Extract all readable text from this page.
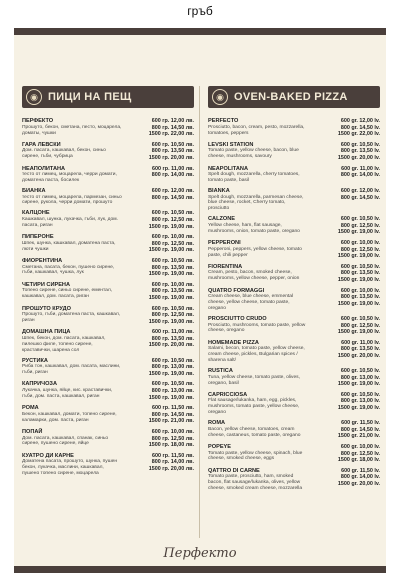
гръб
◉ ПИЦИ НА ПЕЩ
ПЕРФЕКТО
Прошуто, бекон, сметана, песто, моцарела, доматы, чушки
600 гр. 12,00 лв.
800 гр. 14,50 лв.
1500 гр. 22,00 лв.
ГАРА ЛЕВСКИ
Дом. пасата, кашкавал, бекон, синьо сирене, гъби, чубрица
600 гр. 10,50 лв.
800 гр. 13,50 лв.
1500 гр. 20,00 лв.
НЕАПОЛИТАНА
тесто от лимец, моцарела, черри домати, доматена паста, босилек
600 гр. 11,00 лв.
800 гр. 14,00 лв.
БИАНКА
тесто от лимец, моцарела, пармезан, синьо сирене, рукола, черри домати, прошуто
600 гр. 12,00 лв.
800 гр. 14,50 лв.
КАЛЦОНЕ
Кашкавал, шунка, лукачка, гъби, лук, дом. пасата, риган
600 гр. 10,50 лв.
800 гр. 12,50 лв.
1500 гр. 19,00 лв.
ПИПЕРОНЕ
Шпек, шунка, кашкавал, доматена паста, люти чушки
600 гр. 10,00 лв.
800 гр. 12,50 лв.
1500 гр. 19,00 лв.
ФИОРЕНТИНА
Сметана, пасата, бекон, пушено сирене, гъби, кашкавал, чушка, лук
600 гр. 10,50 лв.
800 гр. 13,50 лв.
1500 гр. 19,00 лв.
ЧЕТИРИ СИРЕНА
Топено сирене, синьо сирене, ементал, кашкавал, дом. пасата, риган
600 гр. 10,00 лв.
800 гр. 13,50 лв.
1500 гр. 19,00 лв.
ПРОШУТО КРУДО
Прошуто, гъби, доматена паста, кашкавал, риган
600 гр. 10,50 лв.
800 гр. 12,50 лв.
1500 гр. 19,00 лв.
ДОМАШНА ПИЦА
Шпек, бекон, дом. пасата, кашкавал, пилешко филе, топено сирене, краставички, шарена сол
600 гр. 11,00 лв.
800 гр. 13,50 лв.
1500 гр. 20,00 лв.
РУСТИКА
Риба тон, кашкавал, дом. пасата, маслини, гъби, риган
600 гр. 10,50 лв.
800 гр. 13,00 лв.
1500 гр. 19,00 лв.
КАПРИЧОЗА
Лукачка, шунка, яйце, кис. краставички, гъби, дом. паста, кашкавал, риган
600 гр. 10,50 лв.
800 гр. 13,00 лв.
1500 гр. 19,00 лв.
РОМА
Бекон, кашкавал, домати, топено сирене, каламарки, дом. паста, риган
600 гр. 11,50 лв.
800 гр. 14,50 лв.
1500 гр. 21,00 лв.
ПОПАЙ
Дом. пасата, кашкавал, спанак, синьо сирене, пушено сирене, яйце
600 гр. 10,00 лв.
800 гр. 12,50 лв.
1500 гр. 18,00 лв.
КУАТРО ДИ КАРНЕ
Доматена пасата, прошуто, шунка, пушен бекон, лукачка, маслини, кашкавал, пушено топено сирене, моцарела
600 гр. 11,50 лв.
800 гр. 14,00 лв.
1500 гр. 20,00 лв.
◉ OVEN-BAKED PIZZA
PERFECTO
Prosciutto, bacon, cream, pesto, mozzarella, tomatoes, peppers
600 gr. 12,00 lv.
800 gr. 14,50 lv.
1500 gr. 22,00 lv.
LEVSKI STATION
Tomato paste, yellow cheese, bacon, blue cheese, mushrooms, savoury
600 gr. 10,50 lv.
800 gr. 13,50 lv.
1500 gr. 20,00 lv.
NEAPOLITANA
Spelt dough, mozzarella, cherry tomatoes, tomato paste, basil
600 gr. 11,00 lv.
800 gr. 14,00 lv.
BIANKA
Spelt dough, mozzarella, parmesan cheese, blue cheese, rocket, Cherry tomato, prosciutto
600 gr. 12,00 lv.
800 gr. 14,50 lv.
CALZONE
Yellow cheese, ham, flat sausage, mushrooms, onion, tomato paste, oregano
600 gr. 10,50 lv.
800 gr. 12,50 lv.
1500 gr. 19,00 lv.
PEPPERONI
Pepperoni, peppers, yellow cheese, tomato paste, chili pepper
600 gr. 10,00 lv.
800 gr. 12,50 lv.
1500 gr. 19,00 lv.
FIORENTINA
Cream, pesto, bacon, smoked cheese, mushrooms, yellow cheese, pepper, onion
600 gr. 10,50 lv.
800 gr. 13,50 lv.
1500 gr. 19,00 lv.
QUATRO FORMAGGI
Cream cheese, blue cheese, emmental cheese, yellow cheese, tomato paste, oregano
600 gr. 10,00 lv.
800 gr. 13,50 lv.
1500 gr. 19,00 lv.
PROSCIUTTO CRUDO
Prosciutto, mushrooms, tomato paste, yellow cheese, oregano
600 gr. 10,50 lv.
800 gr. 12,50 lv.
1500 gr. 19,00 lv.
HOMEMADE PIZZA
Salami, becon, tomato paste, yellow cheese, cream cheese, pickles, Bulgarian spices / sharena salt/
600 gr. 11,00 lv.
800 gr. 13,50 lv.
1500 gr. 20,00 lv.
RUSTICA
Tuna, yellow cheese, tomato paste, olives, oregano, basil
600 gr. 10,50 lv.
800 gr. 13,00 lv.
1500 gr. 19,00 lv.
CAPRICCIOSA
Flat sausage/lukanka, ham, egg, pickles, mushrooms, tomato paste, yellow cheese, oregano
600 gr. 10,50 lv.
800 gr. 13,00 lv.
1500 gr. 19,00 lv.
ROMA
Bacon, yellow cheese, tomatoes, cream cheese, castaneus, tomato paste, oregano
600 gr. 11,50 lv.
800 gr. 14,50 lv.
1500 gr. 21,00 lv.
POPEYE
Tomato paste, yellow cheese, spinach, blue cheese, smoked cheese, eggs
600 gr. 10,00 lv.
800 gr. 12,50 lv.
1500 gr. 18,00 lv.
QATTRO DI CARNE
Tomato paste, prosciutto, ham, smoked bacon, flat sausage/lukanka, olives, yellow cheese, smoked cream cheese, mozzarella
600 gr. 11,50 lv.
800 gr. 14,00 lv.
1500 gr. 20,00 lv.
Перфекто
